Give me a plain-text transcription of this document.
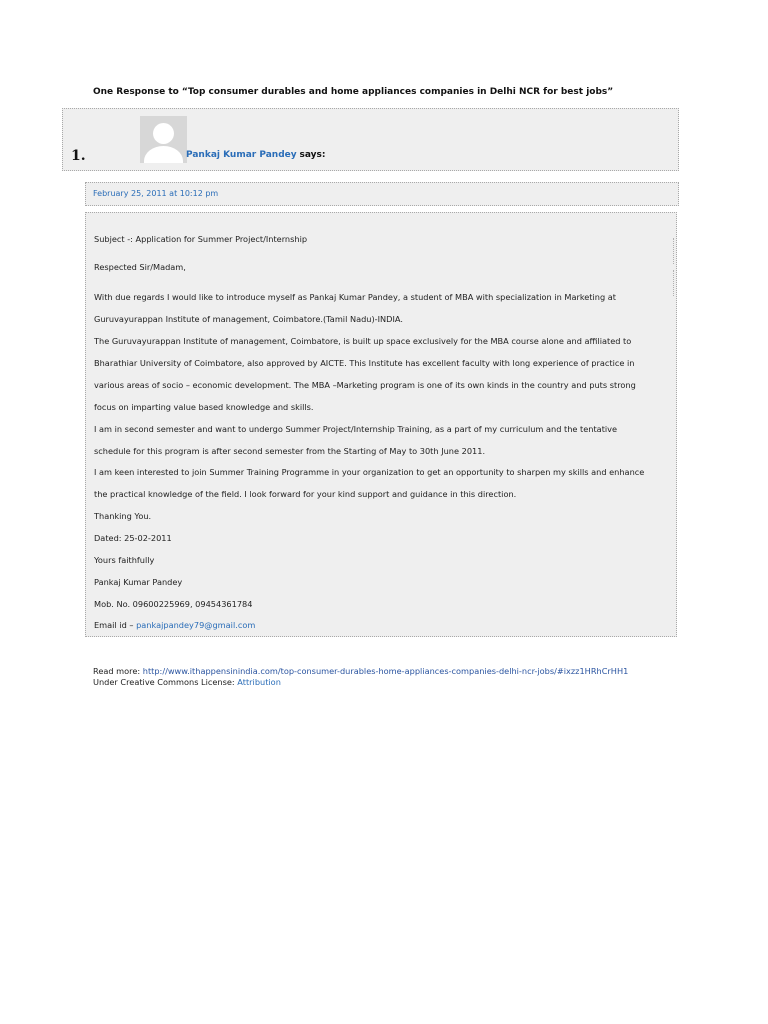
One Response to “Top consumer durables and home appliances companies in Delhi NCR for best jobs”
1.	Pankaj Kumar Pandey says:
February 25, 2011 at 10:12 pm
Subject -: Application for Summer Project/Internship
Respected Sir/Madam,
With due regards I would like to introduce myself as Pankaj Kumar Pandey, a student of MBA with specialization in Marketing at
Guruvayurappan Institute of management, Coimbatore.(Tamil Nadu)-INDIA.
The Guruvayurappan Institute of management, Coimbatore, is built up space exclusively for the MBA course alone and affiliated to
Bharathiar University of Coimbatore, also approved by AICTE. This Institute has excellent faculty with long experience of practice in
various areas of socio – economic development. The MBA –Marketing program is one of its own kinds in the country and puts strong
focus on imparting value based knowledge and skills.
I am in second semester and want to undergo Summer Project/Internship Training, as a part of my curriculum and the tentative
schedule for this program is after second semester from the Starting of May to 30th June 2011.
I am keen interested to join Summer Training Programme in your organization to get an opportunity to sharpen my skills and enhance
the practical knowledge of the field. I look forward for your kind support and guidance in this direction.
Thanking You.
Dated: 25-02-2011
Yours faithfully
Pankaj Kumar Pandey
Mob. No. 09600225969, 09454361784
Email id – pankajpandey79@gmail.com
Read more: http://www.ithappensinindia.com/top-consumer-durables-home-appliances-companies-delhi-ncr-jobs/#ixzz1HRhCrHH1
Under Creative Commons License: Attribution
